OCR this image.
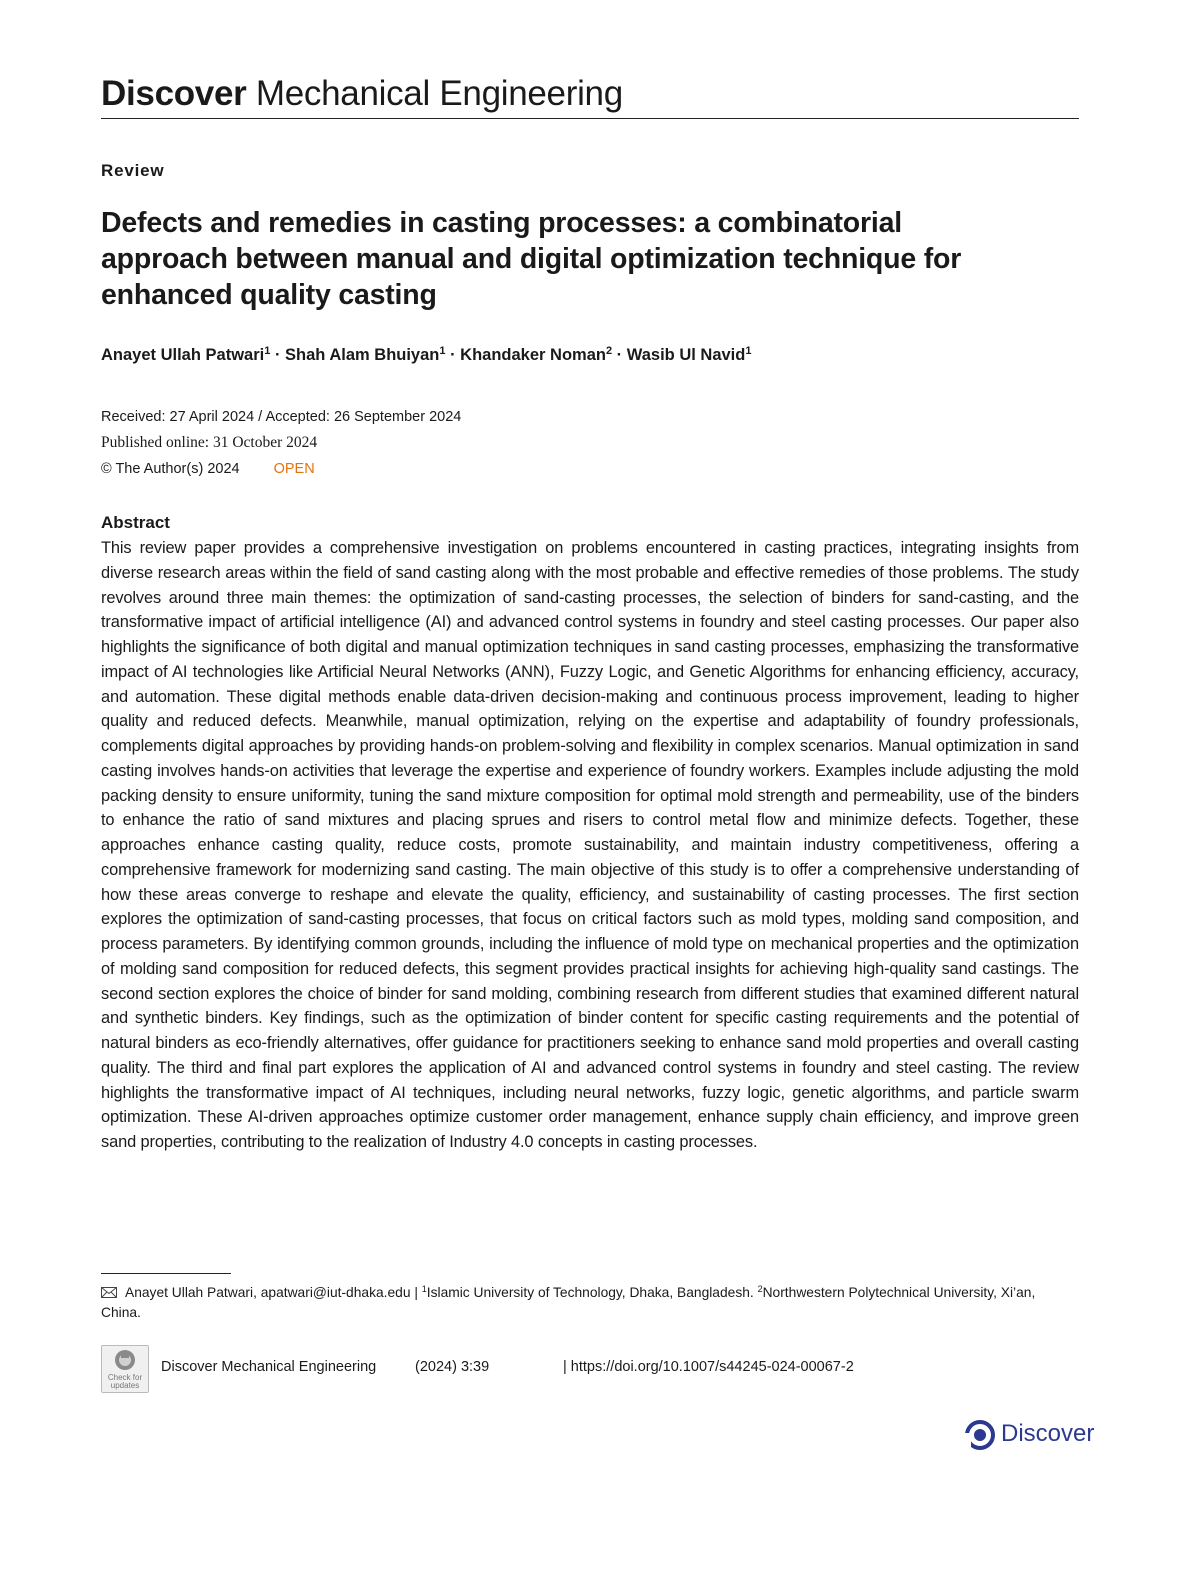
Discover Mechanical Engineering
Review
Defects and remedies in casting processes: a combinatorial approach between manual and digital optimization technique for enhanced quality casting
Anayet Ullah Patwari$^1$ · Shah Alam Bhuiyan$^1$ · Khandaker Noman$^2$ · Wasib Ul Navid$^1$
Received: 27 April 2024 / Accepted: 26 September 2024
Published online: 31 October 2024
© The Author(s) 2024 OPEN
Abstract

This review paper provides a comprehensive investigation on problems encountered in casting practices, integrating insights from diverse research areas within the field of sand casting along with the most probable and effective remedies of those problems. The study revolves around three main themes: the optimization of sand-casting processes, the selection of binders for sand-casting, and the transformative impact of artificial intelligence (AI) and advanced control systems in foundry and steel casting processes. Our paper also highlights the significance of both digital and manual optimization techniques in sand casting processes, emphasizing the transformative impact of AI technologies like Artificial Neural Networks (ANN), Fuzzy Logic, and Genetic Algorithms for enhancing efficiency, accuracy, and automation. These digital methods enable data-driven decision-making and continuous process improvement, leading to higher quality and reduced defects. Meanwhile, manual optimization, relying on the expertise and adaptability of foundry professionals, complements digital approaches by providing hands-on problem-solving and flexibility in complex scenarios. Manual optimization in sand casting involves hands-on activities that leverage the expertise and experience of foundry workers. Examples include adjusting the mold packing density to ensure uniformity, tuning the sand mixture composition for optimal mold strength and permeability, use of the binders to enhance the ratio of sand mixtures and placing sprues and risers to control metal flow and minimize defects. Together, these approaches enhance casting quality, reduce costs, promote sustainability, and maintain industry competitiveness, offering a comprehensive framework for modernizing sand casting. The main objective of this study is to offer a comprehensive understanding of how these areas converge to reshape and elevate the quality, efficiency, and sustainability of casting processes. The first section explores the optimization of sand-casting processes, that focus on critical factors such as mold types, molding sand composition, and process parameters. By identifying common grounds, including the influence of mold type on mechanical properties and the optimization of molding sand composition for reduced defects, this segment provides practical insights for achieving high-quality sand castings. The second section explores the choice of binder for sand molding, combining research from different studies that examined different natural and synthetic binders. Key findings, such as the optimization of binder content for specific casting requirements and the potential of natural binders as eco-friendly alternatives, offer guidance for practitioners seeking to enhance sand mold properties and overall casting quality. The third and final part explores the application of AI and advanced control systems in foundry and steel casting. The review highlights the transformative impact of AI techniques, including neural networks, fuzzy logic, genetic algorithms, and particle swarm optimization. These AI-driven approaches optimize customer order management, enhance supply chain efficiency, and improve green sand properties, contributing to the realization of Industry 4.0 concepts in casting processes.

Anayet Ullah Patwari, apatwari@iut-dhaka.edu | $^1$Islamic University of Technology, Dhaka, Bangladesh. $^2$Northwestern Polytechnical University, Xi’an, China.
Check for updates
Discover Mechanical Engineering	(2024) 3:39	| https://doi.org/10.1007/s44245-024-00067-2
Discover
